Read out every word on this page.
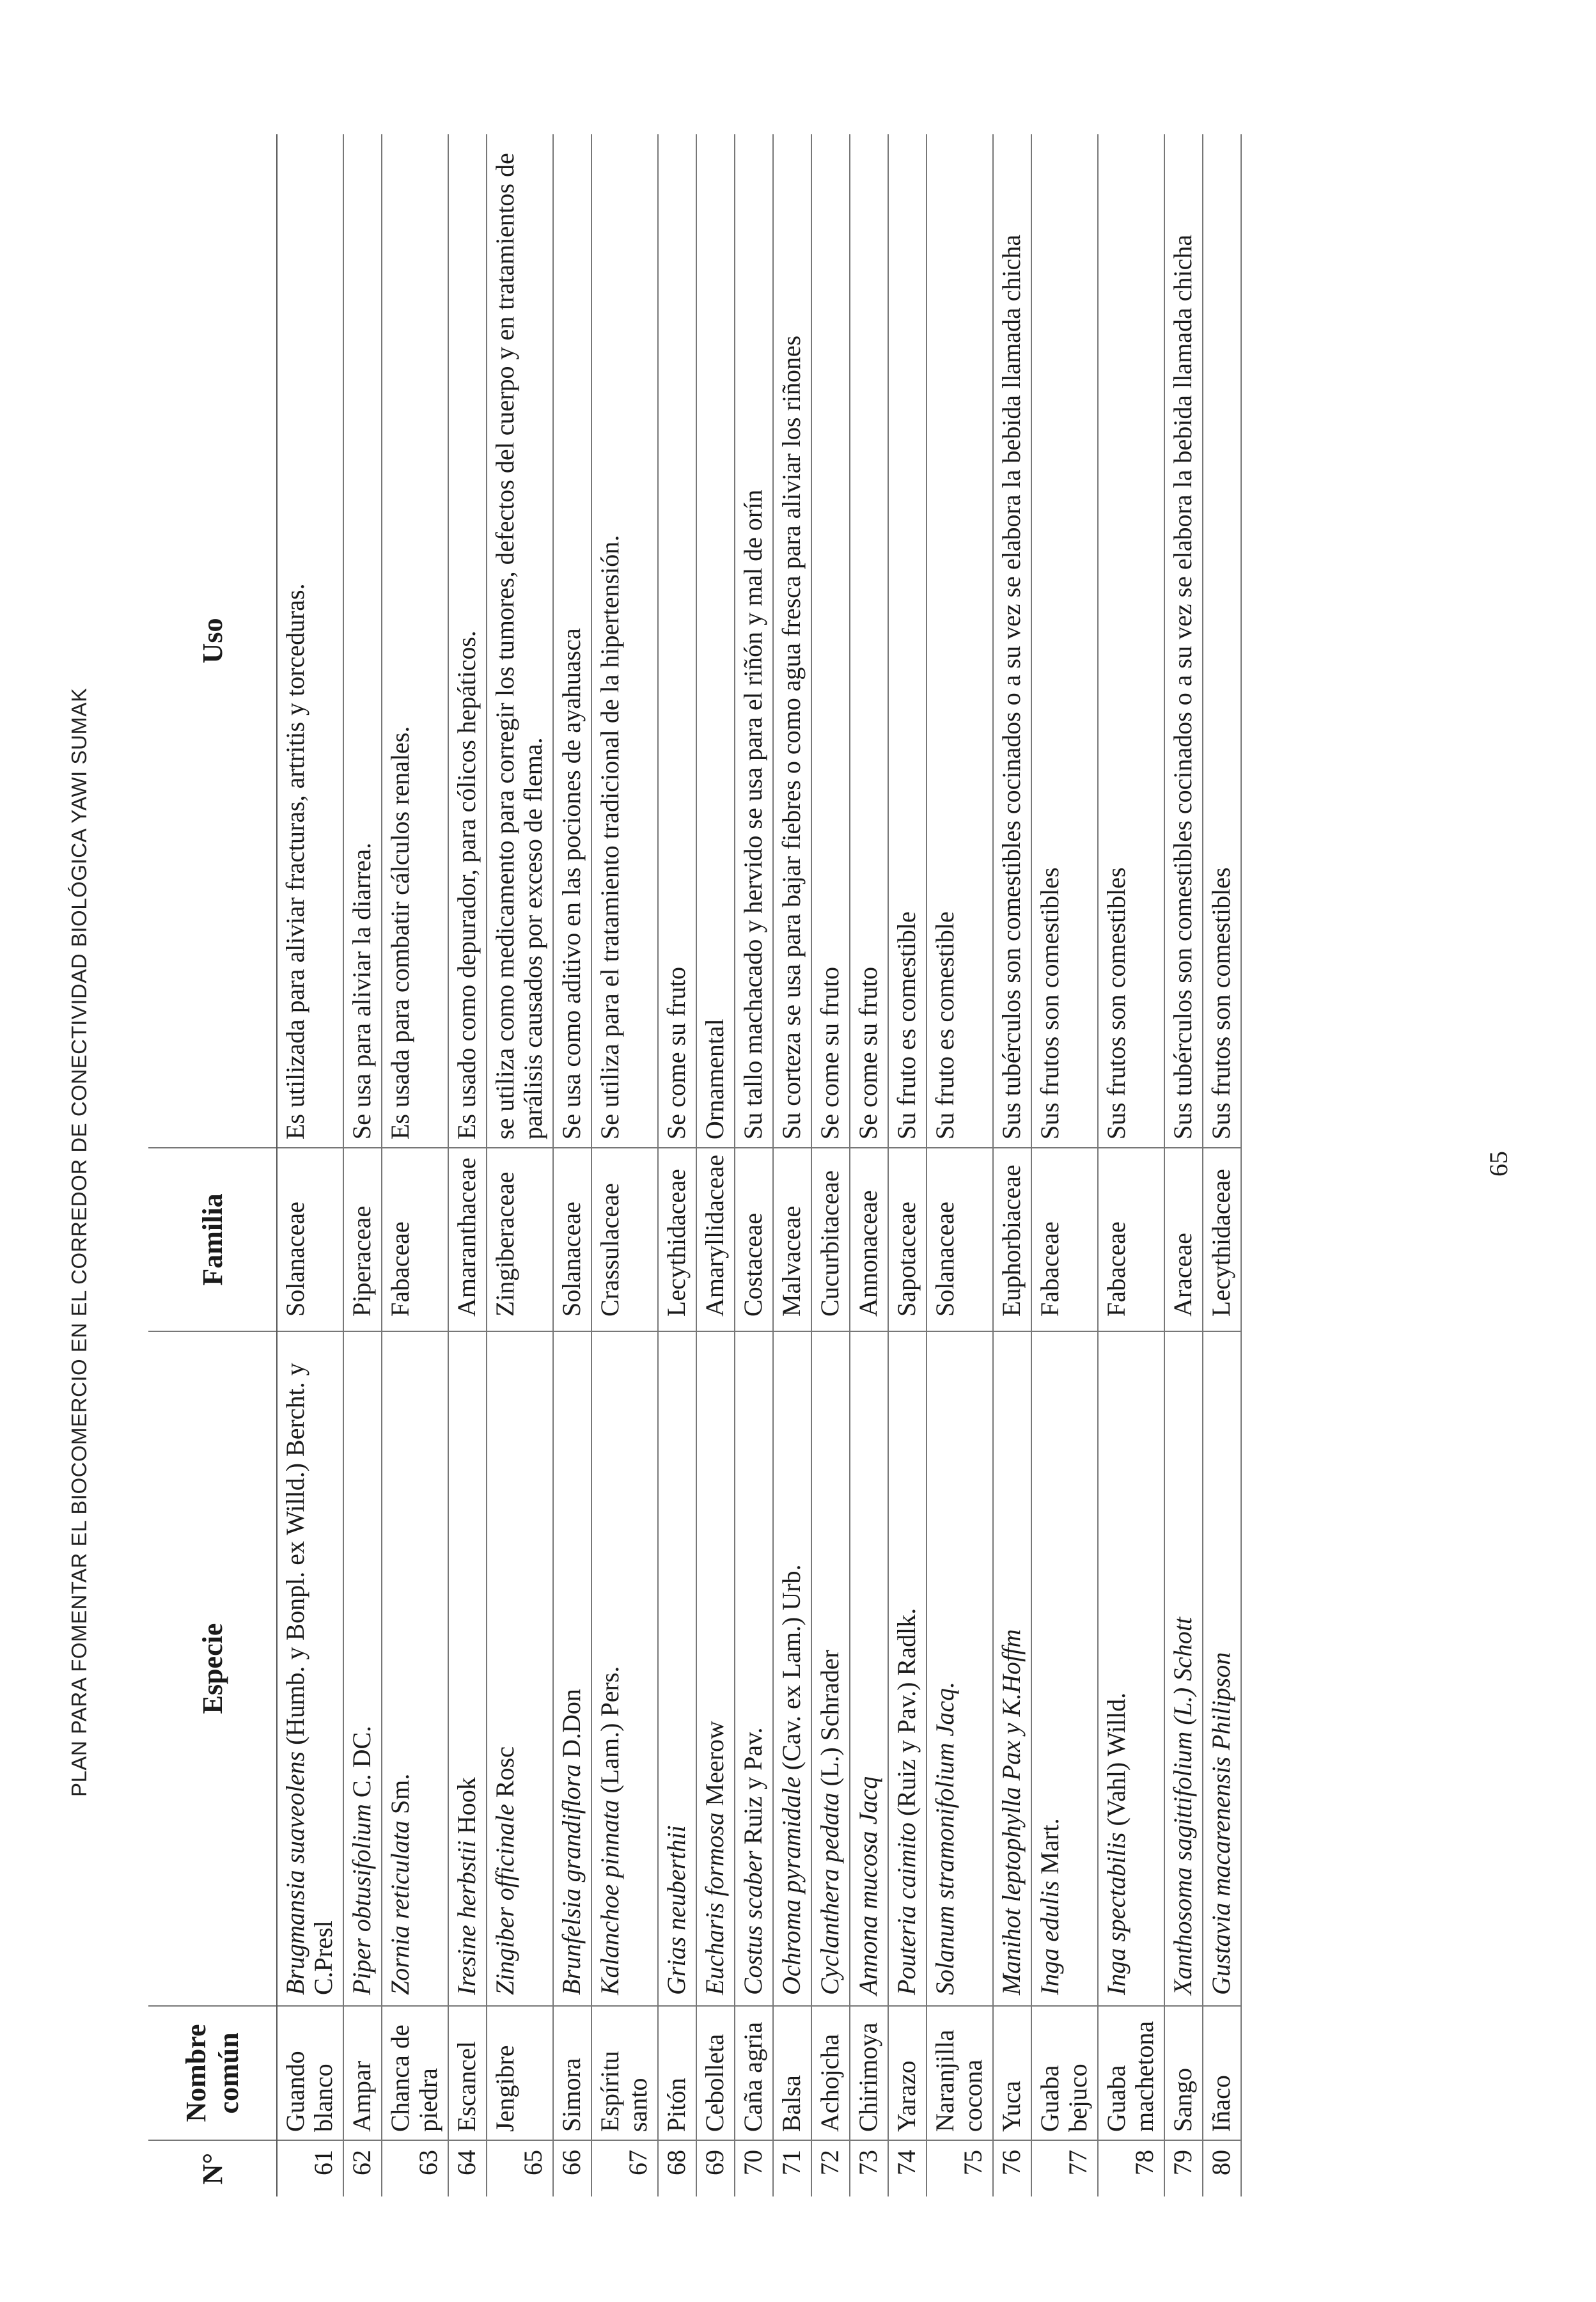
PLAN PARA FOMENTAR EL BIOCOMERCIO EN EL CORREDOR DE CONECTIVIDAD BIOLÓGICA YAWI SUMAK
N°	Nombre común	Especie	Familia	Uso
61	Guando blanco	Brugmansia suaveolens (Humb. y Bonpl. ex Willd.) Bercht. y C.Presl	Solanaceae	Es utilizada para aliviar fracturas, artritis y torceduras.
62	Ampar	Piper obtusifolium C. DC.	Piperaceae	Se usa para aliviar la diarrea.
63	Chanca de piedra	Zornia reticulata Sm.	Fabaceae	Es usada para combatir cálculos renales.
64	Escancel	Iresine herbstii Hook	Amaranthaceae	Es usado como depurador, para cólicos hepáticos.
65	Jengibre	Zingiber officinale Rosc	Zingiberaceae	se utiliza como medicamento para corregir los tumores, defectos del cuerpo y en tratamientos de parálisis causados por exceso de flema.
66	Simora	Brunfelsia grandiflora D.Don	Solanaceae	Se usa como aditivo en las pociones de ayahuasca
67	Espíritu santo	Kalanchoe pinnata (Lam.) Pers.	Crassulaceae	Se utiliza para el tratamiento tradicional de la hipertensión.
68	Pitón	Grias neuberthii	Lecythidaceae	Se come su fruto
69	Cebolleta	Eucharis formosa Meerow	Amaryllidaceae	Ornamental
70	Caña agria	Costus scaber Ruiz y Pav.	Costaceae	Su tallo machacado y hervido se usa para el riñón y mal de orín
71	Balsa	Ochroma pyramidale (Cav. ex Lam.) Urb.	Malvaceae	Su corteza se usa para bajar fiebres o como agua fresca para aliviar los riñones
72	Achojcha	Cyclanthera pedata (L.) Schrader	Cucurbitaceae	Se come su fruto
73	Chirimoya	Annona mucosa Jacq	Annonaceae	Se come su fruto
74	Yarazo	Pouteria caimito (Ruiz y Pav.) Radlk.	Sapotaceae	Su fruto es comestible
75	Naranjilla cocona	Solanum stramonifolium Jacq.	Solanaceae	Su fruto es comestible
76	Yuca	Manihot leptophylla Pax y K.Hoffm	Euphorbiaceae	Sus tubérculos son comestibles cocinados o a su vez se elabora la bebida llamada chicha
77	Guaba bejuco	Inga edulis Mart.	Fabaceae	Sus frutos son comestibles
78	Guaba machetona	Inga spectabilis (Vahl) Willd.	Fabaceae	Sus frutos son comestibles
79	Sango	Xanthosoma sagittifolium (L.) Schott	Araceae	Sus tubérculos son comestibles cocinados o a su vez se elabora la bebida llamada chicha
80	Iñaco	Gustavia macarenensis Philipson	Lecythidaceae	Sus frutos son comestibles
65
